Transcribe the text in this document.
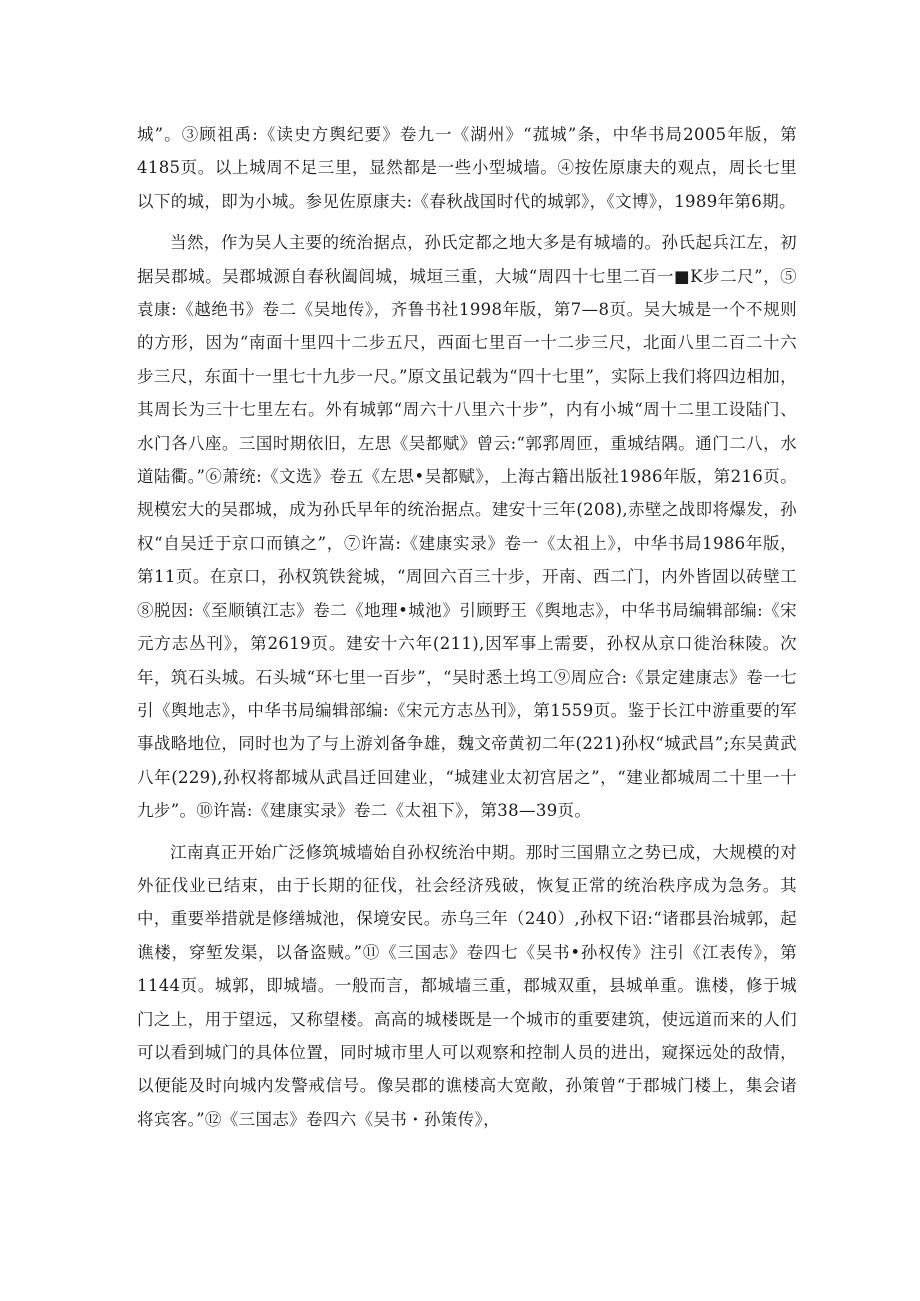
城”。③顾祖禹:《读史方舆纪要》卷九一《湖州》“菰城”条，中华书局2005年版，第4185页。以上城周不足三里，显然都是一些小型城墙。④按佐原康夫的观点，周长七里以下的城，即为小城。参见佐原康夫:《春秋战国时代的城郭》，《文博》，1989年第6期。

当然，作为吴人主要的统治据点，孙氏定都之地大多是有城墙的。孙氏起兵江左，初据吴郡城。吴郡城源自春秋阖闾城，城垣三重，大城“周四十七里二百一■K步二尺”，⑤袁康:《越绝书》卷二《吴地传》，齐鲁书社1998年版，第7—8页。吴大城是一个不规则的方形，因为“南面十里四十二步五尺，西面七里百一十二步三尺，北面八里二百二十六步三尺，东面十一里七十九步一尺。”原文虽记载为“四十七里”，实际上我们将四边相加，其周长为三十七里左右。外有城郭“周六十八里六十步”，内有小城“周十二里工设陆门、水门各八座。三国时期依旧，左思《吴都赋》曾云:“郭郛周匝，重城结隅。通门二八，水道陆衢。”⑥萧统:《文选》卷五《左思•吴都赋》，上海古籍出版社1986年版，第216页。规模宏大的吴郡城，成为孙氏早年的统治据点。建安十三年(208),赤壁之战即将爆发，孙权“自吴迁于京口而镇之”，⑦许嵩:《建康实录》卷一《太祖上》，中华书局1986年版，第11页。在京口，孙权筑铁瓮城，“周回六百三十步，开南、西二门，内外皆固以砖壁工⑧脱因:《至顺镇江志》卷二《地理•城池》引顾野王《舆地志》，中华书局编辑部编:《宋元方志丛刊》，第2619页。建安十六年(211),因军事上需要，孙权从京口徙治秣陵。次年，筑石头城。石头城“环七里一百步”，“吴时悉土坞工⑨周应合:《景定建康志》卷一七引《舆地志》，中华书局编辑部编:《宋元方志丛刊》，第1559页。鉴于长江中游重要的军事战略地位，同时也为了与上游刘备争雄，魏文帝黄初二年(221)孙权“城武昌”;东吴黄武八年(229),孙权将都城从武昌迁回建业，“城建业太初宫居之”，“建业都城周二十里一十九步”。⑩许嵩:《建康实录》卷二《太祖下》，第38—39页。

江南真正开始广泛修筑城墙始自孙权统治中期。那时三国鼎立之势已成，大规模的对外征伐业已结束，由于长期的征伐，社会经济残破，恢复正常的统治秩序成为急务。其中，重要举措就是修缮城池，保境安民。赤乌三年（240）,孙权下诏:“诸郡县治城郭，起谯楼，穿堑发渠，以备盗贼。”⑪《三国志》卷四七《吴书•孙权传》注引《江表传》，第1144页。城郭，即城墙。一般而言，都城墙三重，郡城双重，县城单重。谯楼，修于城门之上，用于望远，又称望楼。高高的城楼既是一个城市的重要建筑，使远道而来的人们可以看到城门的具体位置，同时城市里人可以观察和控制人员的进出，窥探远处的敌情，以便能及时向城内发警戒信号。像吴郡的谯楼高大宽敞，孙策曾“于郡城门楼上，集会诸将宾客。”⑫《三国志》卷四六《吴书・孙策传》，
